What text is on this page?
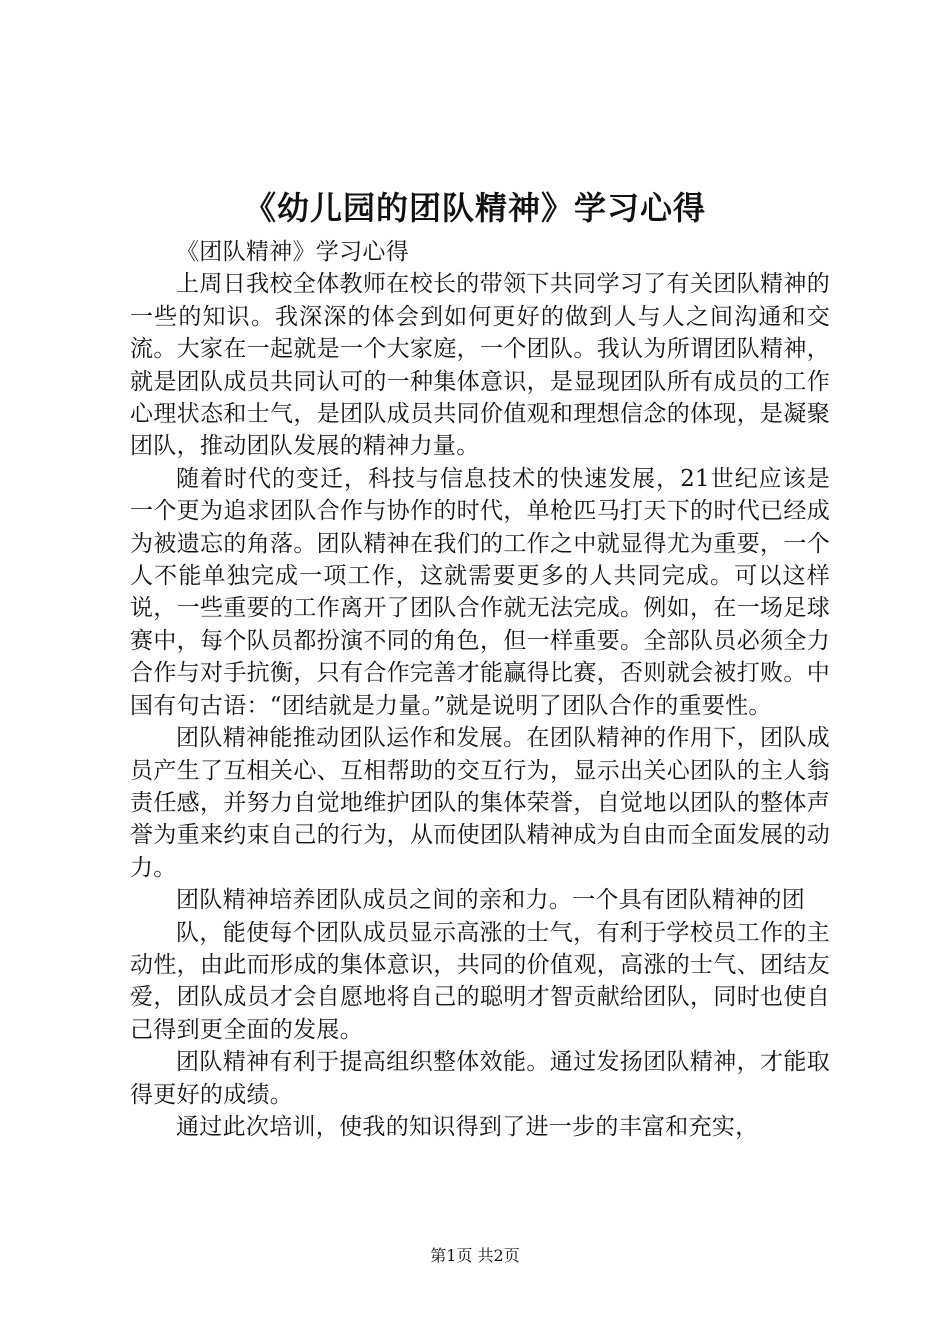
《幼儿园的团队精神》学习心得

《团队精神》学习心得

上周日我校全体教师在校长的带领下共同学习了有关团队精神的一些的知识。我深深的体会到如何更好的做到人与人之间沟通和交流。大家在一起就是一个大家庭，一个团队。我认为所谓团队精神，就是团队成员共同认可的一种集体意识，是显现团队所有成员的工作心理状态和士气，是团队成员共同价值观和理想信念的体现，是凝聚团队，推动团队发展的精神力量。

随着时代的变迁，科技与信息技术的快速发展，21世纪应该是一个更为追求团队合作与协作的时代，单枪匹马打天下的时代已经成为被遗忘的角落。团队精神在我们的工作之中就显得尤为重要，一个人不能单独完成一项工作，这就需要更多的人共同完成。可以这样说，一些重要的工作离开了团队合作就无法完成。例如，在一场足球赛中，每个队员都扮演不同的角色，但一样重要。全部队员必须全力合作与对手抗衡，只有合作完善才能赢得比赛，否则就会被打败。中国有句古语：“团结就是力量。”就是说明了团队合作的重要性。

团队精神能推动团队运作和发展。在团队精神的作用下，团队成员产生了互相关心、互相帮助的交互行为，显示出关心团队的主人翁责任感，并努力自觉地维护团队的集体荣誉，自觉地以团队的整体声誉为重来约束自己的行为，从而使团队精神成为自由而全面发展的动力。

团队精神培养团队成员之间的亲和力。一个具有团队精神的团

队，能使每个团队成员显示高涨的士气，有利于学校员工作的主动性，由此而形成的集体意识，共同的价值观，高涨的士气、团结友爱，团队成员才会自愿地将自己的聪明才智贡献给团队，同时也使自己得到更全面的发展。

团队精神有利于提高组织整体效能。通过发扬团队精神，才能取得更好的成绩。

通过此次培训，使我的知识得到了进一步的丰富和充实，

第1页 共2页
